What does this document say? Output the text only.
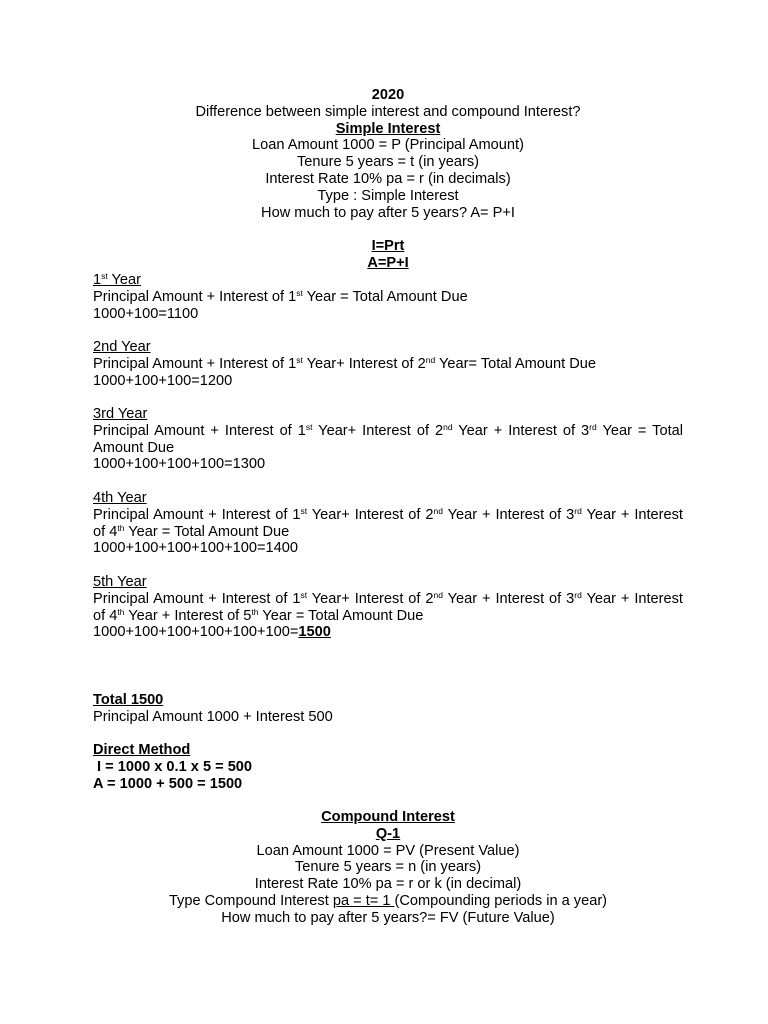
2020

Difference between simple interest and compound Interest?

Simple Interest

Loan Amount 1000 = P (Principal Amount)

Tenure 5 years = t (in years)

Interest Rate 10% pa = r (in decimals)

Type : Simple Interest

How much to pay after 5 years? A= P+I

I=Prt

A=P+I

1st Year

Principal Amount + Interest of 1st Year = Total Amount Due

1000+100=1100

2nd Year

Principal Amount + Interest of 1st Year+ Interest of 2nd Year= Total Amount Due

1000+100+100=1200

3rd Year

Principal Amount + Interest of 1st Year+ Interest of 2nd Year + Interest of 3rd Year = Total Amount Due

1000+100+100+100=1300

4th Year

Principal Amount + Interest of 1st Year+ Interest of 2nd Year + Interest of 3rd Year + Interest of 4th Year = Total Amount Due

1000+100+100+100+100=1400

5th Year

Principal Amount + Interest of 1st Year+ Interest of 2nd Year + Interest of 3rd Year + Interest of 4th Year + Interest of 5th Year = Total Amount Due

1000+100+100+100+100+100=1500

Total 1500

Principal Amount 1000 + Interest 500

Direct Method

I = 1000 x 0.1 x 5 = 500

A = 1000 + 500 = 1500

Compound Interest

Q-1

Loan Amount 1000 = PV (Present Value)

Tenure 5 years = n (in years)

Interest Rate 10% pa = r or k (in decimal)

Type Compound Interest pa = t= 1 (Compounding periods in a year)

How much to pay after 5 years?= FV (Future Value)
